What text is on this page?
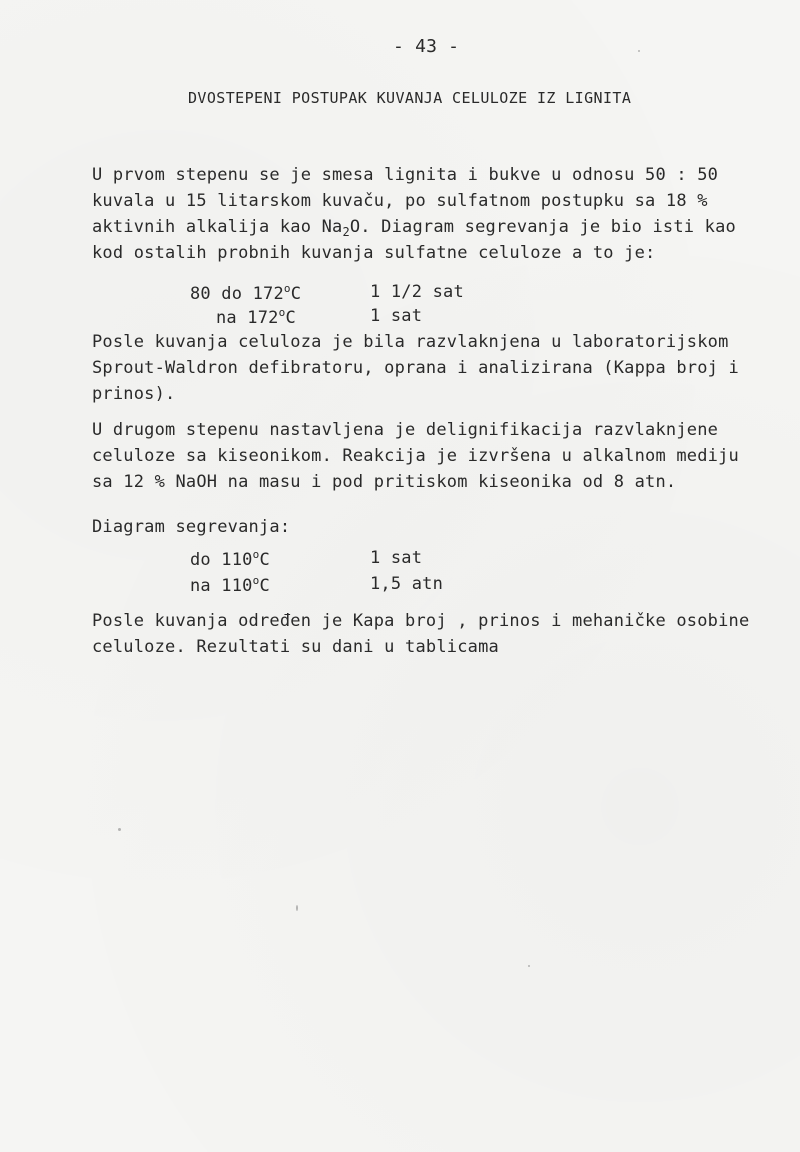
- 43 -
DVOSTEPENI POSTUPAK KUVANJA CELULOZE IZ LIGNITA
U prvom stepenu se je smesa lignita i bukve u odnosu 50 : 50
kuvala u 15 litarskom kuvaču, po sulfatnom postupku sa 18 %
aktivnih alkalija kao $Na_2O$. Diagram segrevanja je bio isti kao
kod ostalih probnih kuvanja sulfatne celuloze a to je:
80 do 172$^o$C	1 1/2 sat
na 172$^o$C	1 sat
Posle kuvanja celuloza je bila razvlaknjena u laboratorijskom
Sprout-Waldron defibratoru, oprana i analizirana (Kappa broj i
prinos).
U drugom stepenu nastavljena je delignifikacija razvlaknjene
celuloze sa kiseonikom. Reakcija je izvršena u alkalnom mediju
sa 12 % NaOH na masu i pod pritiskom kiseonika od 8 atn.
Diagram segrevanja:
do 110$^o$C	1 sat
na 110$^o$C	1,5 atn
Posle kuvanja određen je Kapa broj , prinos i mehaničke osobine
celuloze. Rezultati su dani u tablicama
